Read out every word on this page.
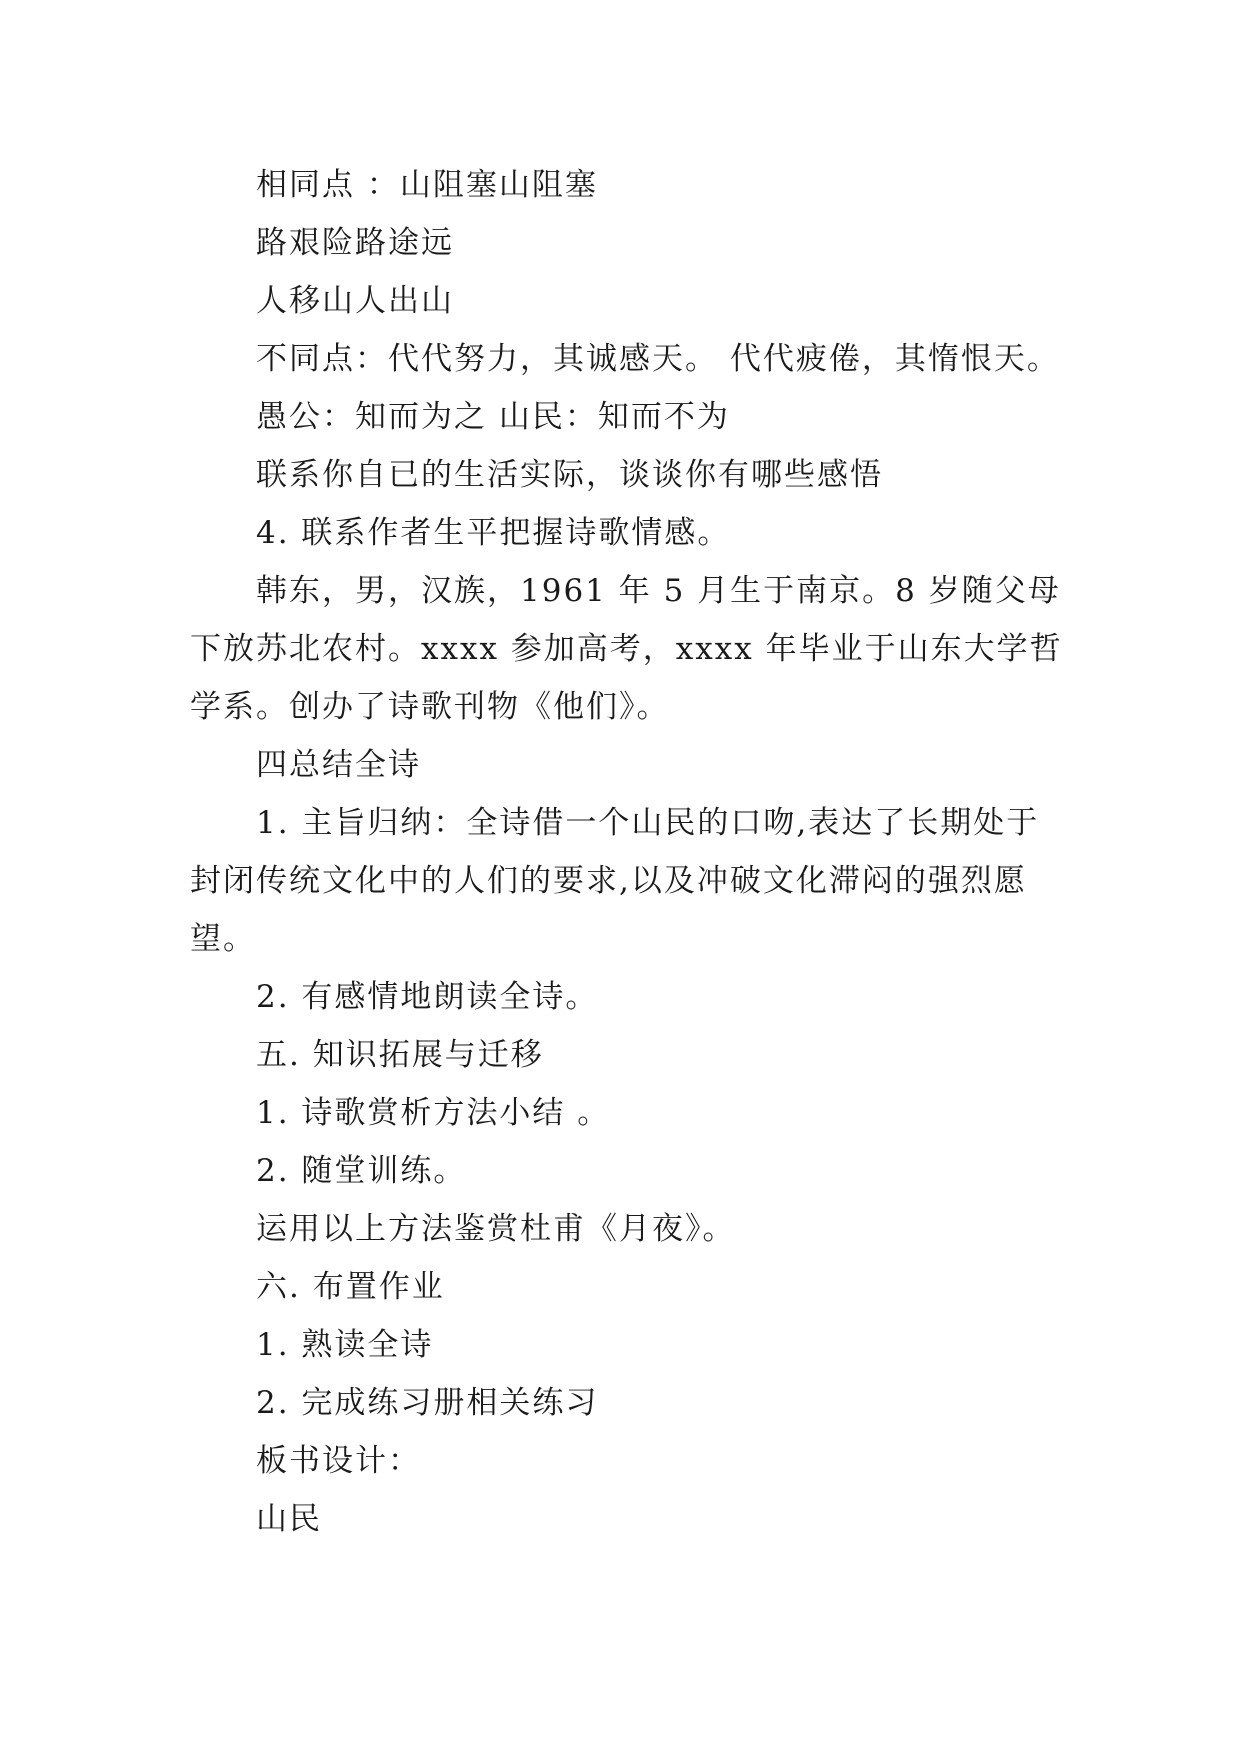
相同点 ：山阻塞山阻塞
路艰险路途远
人移山人出山
不同点：代代努力，其诚感天。 代代疲倦，其惰恨天。
愚公：知而为之 山民：知而不为
联系你自已的生活实际，谈谈你有哪些感悟
4. 联系作者生平把握诗歌情感。
韩东，男，汉族，1961 年 5 月生于南京。8 岁随父母下放苏北农村。xxxx 参加高考，xxxx 年毕业于山东大学哲学系。创办了诗歌刊物《他们》。
四总结全诗
1. 主旨归纳：全诗借一个山民的口吻,表达了长期处于封闭传统文化中的人们的要求,以及冲破文化滞闷的强烈愿望。
2. 有感情地朗读全诗。
五. 知识拓展与迁移
1. 诗歌赏析方法小结 。
2. 随堂训练。
运用以上方法鉴赏杜甫《月夜》。
六. 布置作业
1. 熟读全诗
2. 完成练习册相关练习
板书设计：
山民
